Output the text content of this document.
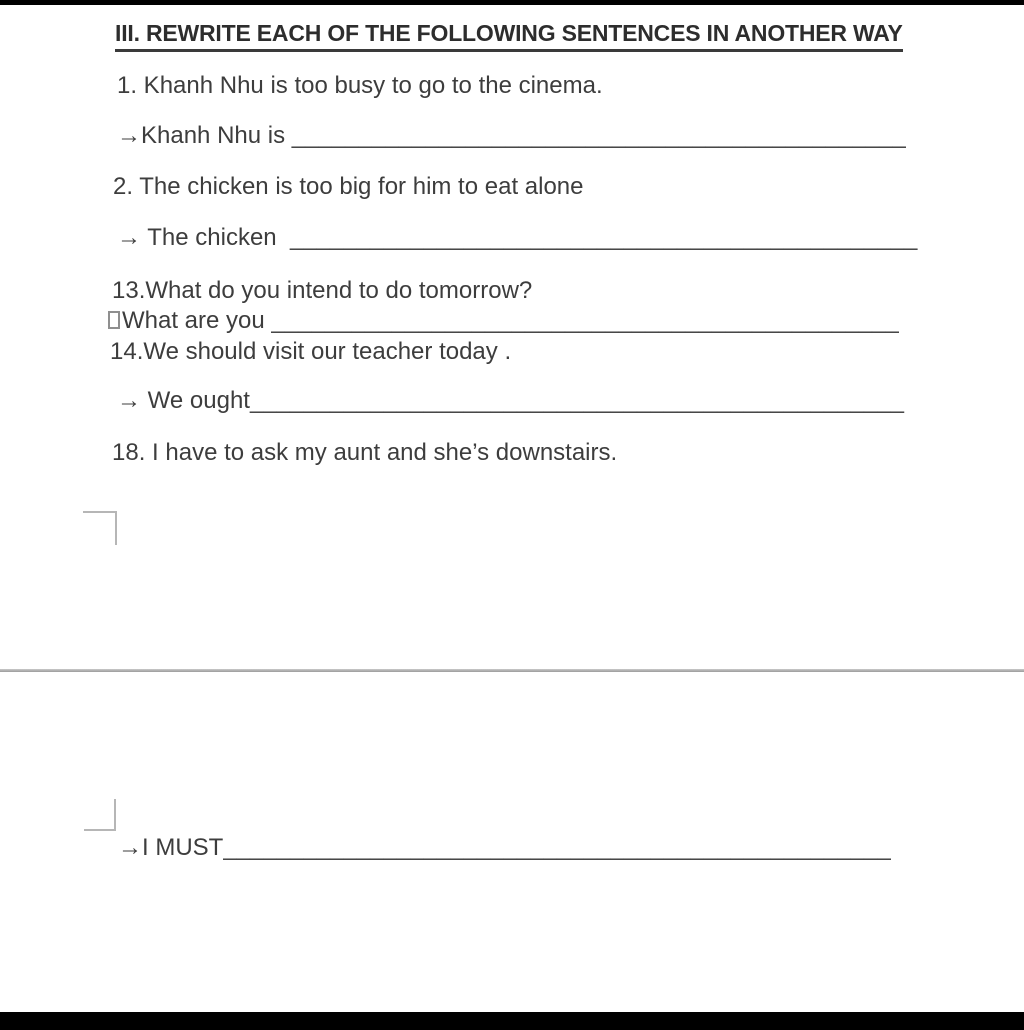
III. REWRITE EACH OF THE FOLLOWING SENTENCES IN ANOTHER WAY
1. Khanh Nhu is too busy to go to the cinema.
→Khanh Nhu is ______________________________________________
2. The chicken is too big for him to eat alone
→ The chicken  _______________________________________________
13.What do you intend to do tomorrow?
What are you _______________________________________________
14.We should visit our teacher today .
→ We ought_________________________________________________
18. I have to ask my aunt and she’s downstairs.
→I MUST__________________________________________________
